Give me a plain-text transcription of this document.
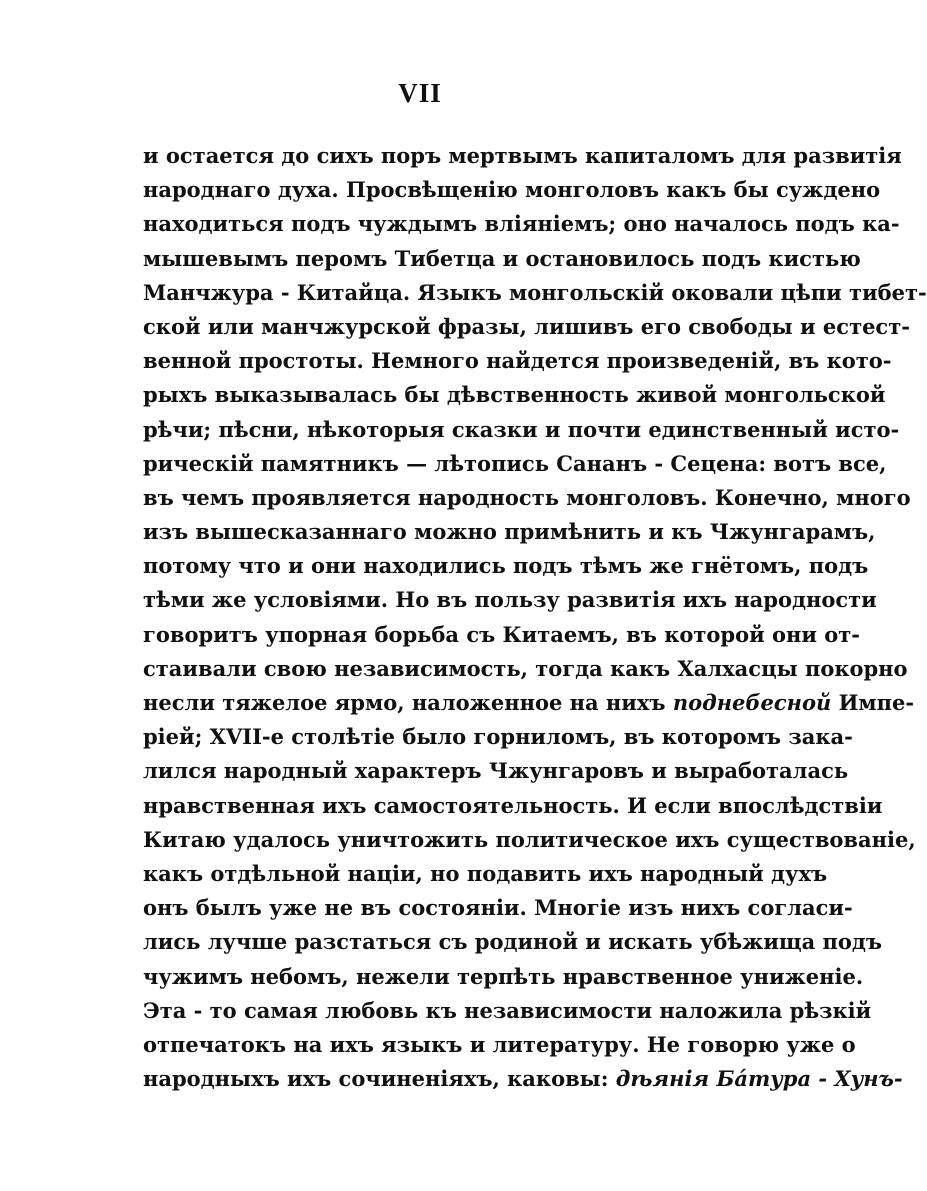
VII
и остается до сихъ поръ мертвымъ капиталомъ для развитія
народнаго духа. Просвѣщенію монголовъ какъ бы суждено
находиться подъ чуждымъ вліяніемъ; оно началось подъ ка-
мышевымъ перомъ Тибетца и остановилось подъ кистью
Манчжура - Китайца. Языкъ монгольскій оковали цѣпи тибет-
ской или манчжурской фразы, лишивъ его свободы и естест-
венной простоты. Немного найдется произведеній, въ кото-
рыхъ выказывалась бы дѣвственность живой монгольской
рѣчи; пѣсни, нѣкоторыя сказки и почти единственный исто-
рическій памятникъ — лѣтопись Сананъ - Сецена: вотъ все,
въ чемъ проявляется народность монголовъ. Конечно, много
изъ вышесказаннаго можно примѣнить и къ Чжунгарамъ,
потому что и они находились подъ тѣмъ же гнётомъ, подъ
тѣми же условіями. Но въ пользу развитія ихъ народности
говоритъ упорная борьба съ Китаемъ, въ которой они от-
стаивали свою независимость, тогда какъ Халхасцы покорно
несли тяжелое ярмо, наложенное на нихъ поднебесной Импе-
ріей; XVII-е столѣтіе было горниломъ, въ которомъ зака-
лился народный характеръ Чжунгаровъ и выработалась
нравственная ихъ самостоятельность. И если впослѣдствіи
Китаю удалось уничтожить политическое ихъ существованіе,
какъ отдѣльной націи, но подавить ихъ народный духъ
онъ былъ уже не въ состояніи. Многіе изъ нихъ согласи-
лись лучше разстаться съ родиной и искать убѣжища подъ
чужимъ небомъ, нежели терпѣть нравственное униженіе.
Эта - то самая любовь къ независимости наложила рѣзкій
отпечатокъ на ихъ языкъ и литературу. Не говорю уже о
народныхъ ихъ сочиненіяхъ, каковы: дѣянія Бáтура - Хунъ-
